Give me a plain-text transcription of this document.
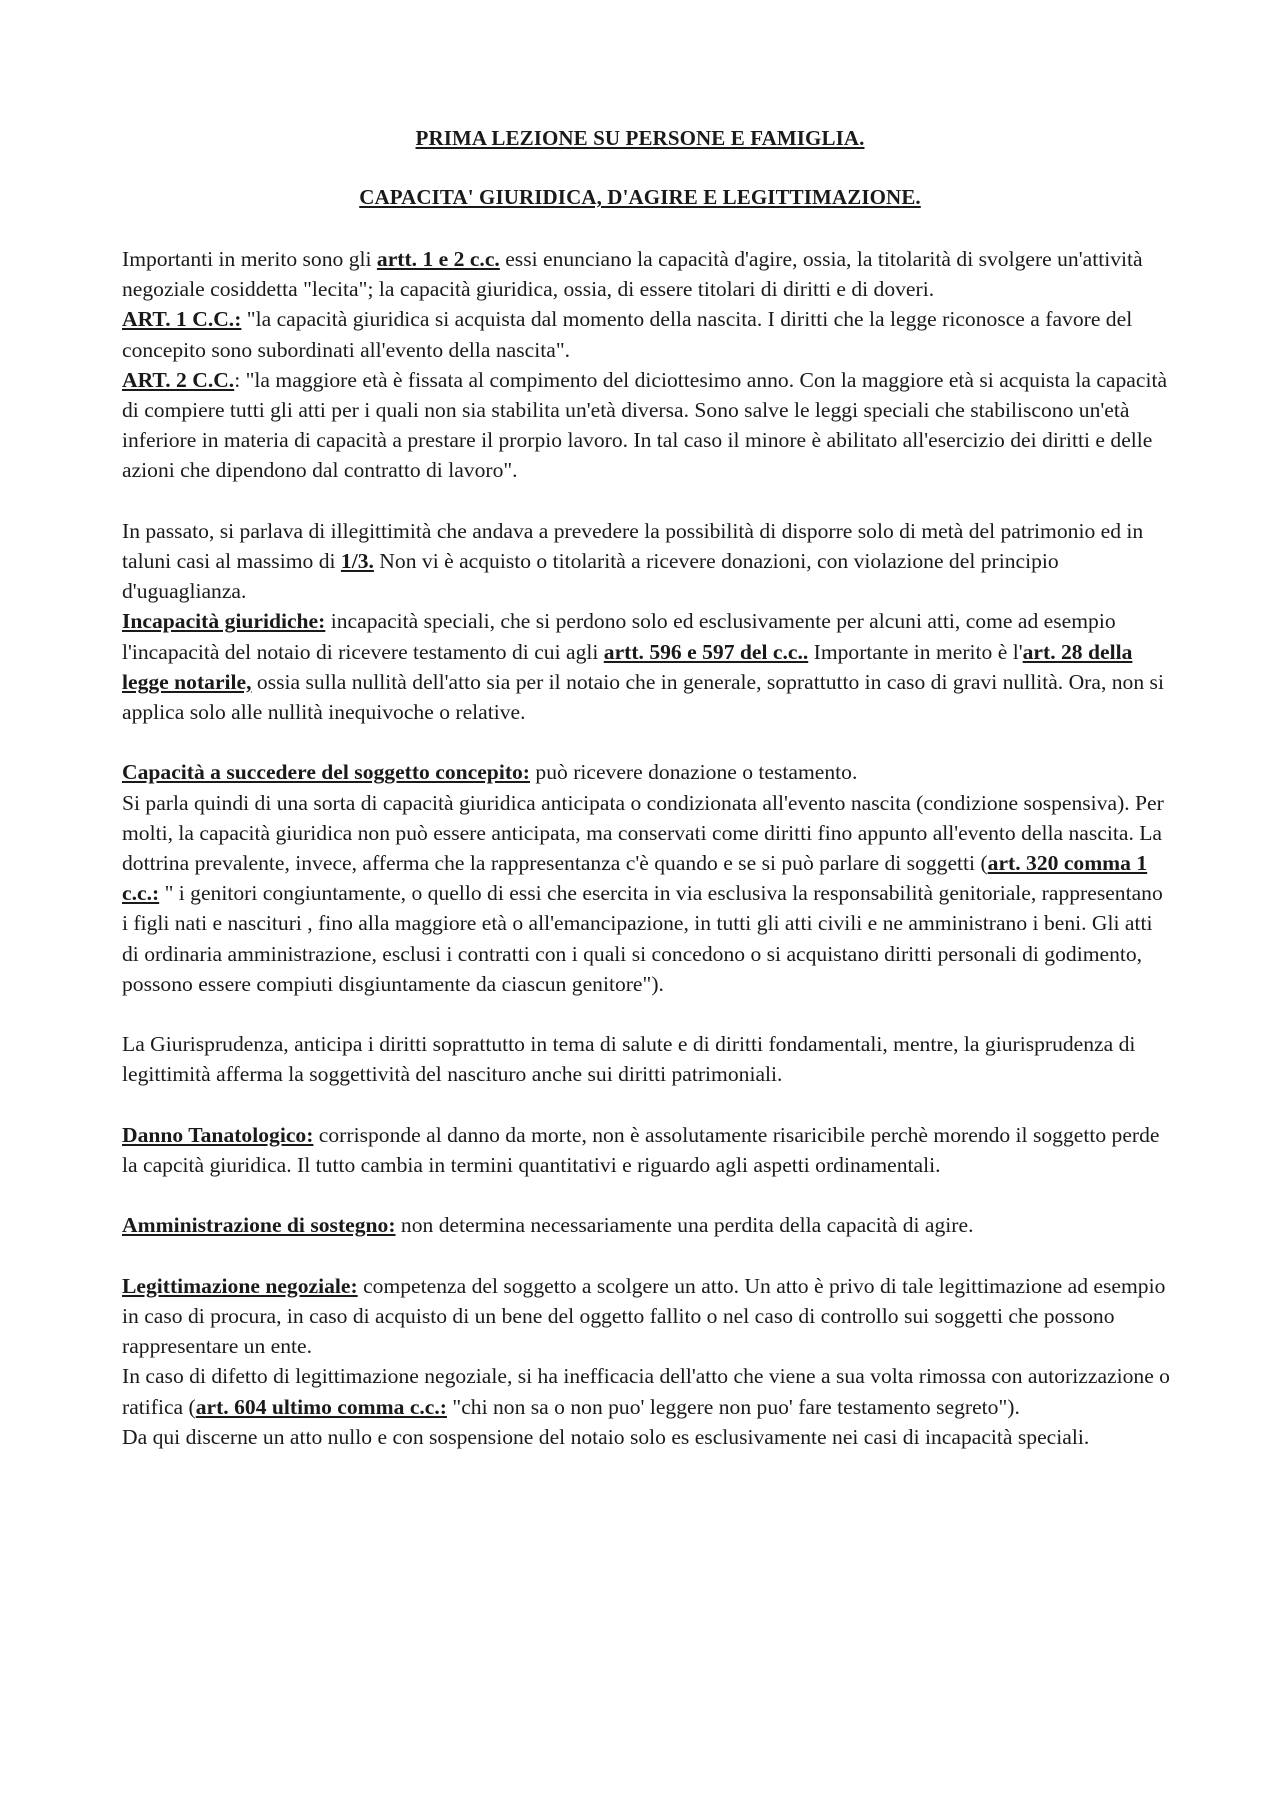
PRIMA LEZIONE SU PERSONE E FAMIGLIA.
CAPACITA' GIURIDICA, D'AGIRE E LEGITTIMAZIONE.

Importanti in merito sono gli artt. 1 e 2 c.c. essi enunciano la capacità d'agire, ossia, la titolarità di svolgere un'attività negoziale cosiddetta "lecita"; la capacità giuridica, ossia, di essere titolari di diritti e di doveri.

ART. 1 C.C.: "la capacità giuridica si acquista dal momento della nascita. I diritti che la legge riconosce a favore del concepito sono subordinati all'evento della nascita".

ART. 2 C.C.: "la maggiore età è fissata al compimento del diciottesimo anno. Con la maggiore età si acquista la capacità di compiere tutti gli atti per i quali non sia stabilita un'età diversa. Sono salve le leggi speciali che stabiliscono un'età inferiore in materia di capacità a prestare il prorpio lavoro. In tal caso il minore è abilitato all'esercizio dei diritti e delle azioni che dipendono dal contratto di lavoro".

In passato, si parlava di illegittimità che andava a prevedere la possibilità di disporre solo di metà del patrimonio ed in taluni casi al massimo di 1/3. Non vi è acquisto o titolarità a ricevere donazioni, con violazione del principio d'uguaglianza.

Incapacità giuridiche: incapacità speciali, che si perdono solo ed esclusivamente per alcuni atti, come ad esempio l'incapacità del notaio di ricevere testamento di cui agli artt. 596 e 597 del c.c.. Importante in merito è l'art. 28 della legge notarile, ossia sulla nullità dell'atto sia per il notaio che in generale, soprattutto in caso di gravi nullità. Ora, non si applica solo alle nullità inequivoche o relative.

Capacità a succedere del soggetto concepito: può ricevere donazione o testamento.

Si parla quindi di una sorta di capacità giuridica anticipata o condizionata all'evento nascita (condizione sospensiva). Per molti, la capacità giuridica non può essere anticipata, ma conservati come diritti fino appunto all'evento della nascita. La dottrina prevalente, invece, afferma che la rappresentanza c'è quando e se si può parlare di soggetti (art. 320 comma 1 c.c.: " i genitori congiuntamente, o quello di essi che esercita in via esclusiva la responsabilità genitoriale, rappresentano i figli nati e nascituri , fino alla maggiore età o all'emancipazione, in tutti gli atti civili e ne amministrano i beni. Gli atti di ordinaria amministrazione, esclusi i contratti con i quali si concedono o si acquistano diritti personali di godimento, possono essere compiuti disgiuntamente da ciascun genitore").

La Giurisprudenza, anticipa i diritti soprattutto in tema di salute e di diritti fondamentali, mentre, la giurisprudenza di legittimità afferma la soggettività del nascituro anche sui diritti patrimoniali.

Danno Tanatologico: corrisponde al danno da morte, non è assolutamente risaricibile perchè morendo il soggetto perde la capcità giuridica. Il tutto cambia in termini quantitativi e riguardo agli aspetti ordinamentali.

Amministrazione di sostegno: non determina necessariamente una perdita della capacità di agire.

Legittimazione negoziale: competenza del soggetto a scolgere un atto. Un atto è privo di tale legittimazione ad esempio in caso di procura, in caso di acquisto di un bene del oggetto fallito o nel caso di controllo sui soggetti che possono rappresentare un ente.

In caso di difetto di legittimazione negoziale, si ha inefficacia dell'atto che viene a sua volta rimossa con autorizzazione o ratifica (art. 604 ultimo comma c.c.: "chi non sa o non puo' leggere non puo' fare testamento segreto").

Da qui discerne un atto nullo e con sospensione del notaio solo es esclusivamente nei casi di incapacità speciali.
